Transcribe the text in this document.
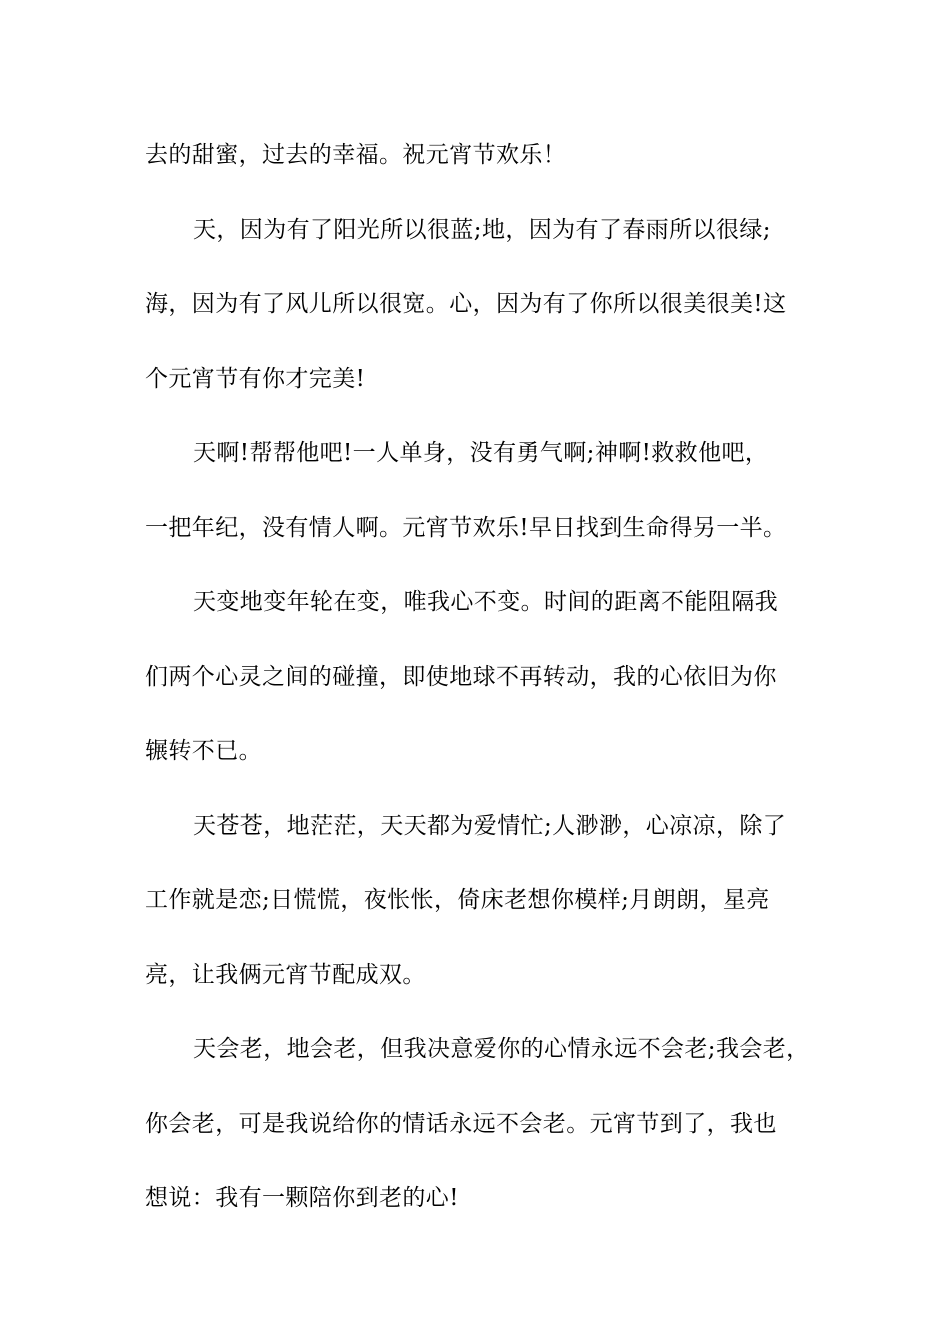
去的甜蜜，过去的幸福。祝元宵节欢乐！
天，因为有了阳光所以很蓝;地，因为有了春雨所以很绿;
海，因为有了风儿所以很宽。心，因为有了你所以很美很美!这
个元宵节有你才完美!
天啊!帮帮他吧!一人单身，没有勇气啊;神啊!救救他吧，
一把年纪，没有情人啊。元宵节欢乐!早日找到生命得另一半。
天变地变年轮在变，唯我心不变。时间的距离不能阻隔我
们两个心灵之间的碰撞，即使地球不再转动，我的心依旧为你
辗转不已。
天苍苍，地茫茫，天天都为爱情忙;人渺渺，心凉凉，除了
工作就是恋;日慌慌，夜怅怅，倚床老想你模样;月朗朗，星亮
亮，让我俩元宵节配成双。
天会老，地会老，但我决意爱你的心情永远不会老;我会老，
你会老，可是我说给你的情话永远不会老。元宵节到了，我也
想说：我有一颗陪你到老的心!
